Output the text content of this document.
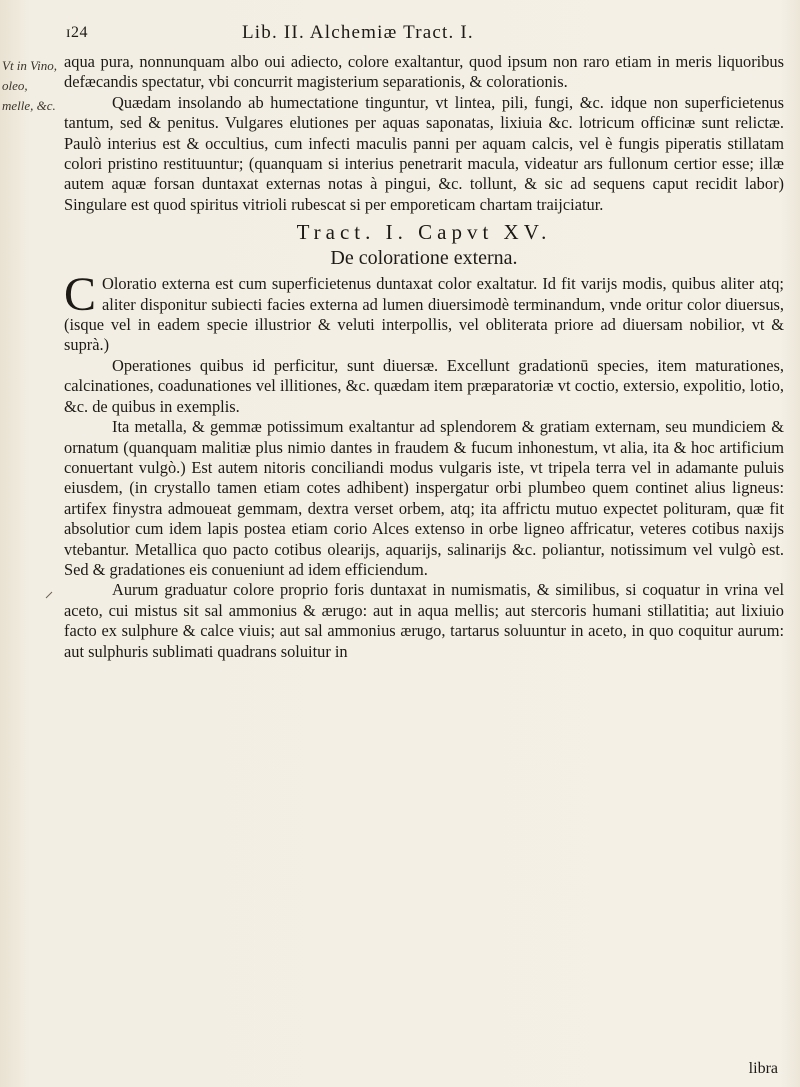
ɪ24	Lib. II. Alchemiæ Tract. I.
Vt in Vino, oleo, melle, &c.

aqua pura, nonnunquam albo oui adiecto, colore exaltantur, quod ipsum non raro etiam in meris liquoribus defæcandis spectatur, vbi concurrit magisterium separationis, & colorationis.

Quædam insolando ab humectatione tinguntur, vt lintea, pili, fungi, &c. idque non superficietenus tantum, sed & penitus. Vulgares elutiones per aquas saponatas, lixiuia &c. lotricum officinæ sunt relictæ. Paulò interius est & occultius, cum infecti maculis panni per aquam calcis, vel è fungis piperatis stillatam colori pristino restituuntur; (quanquam si interius penetrarit macula, videatur ars fullonum certior esse; illæ autem aquæ forsan duntaxat externas notas à pingui, &c. tollunt, & sic ad sequens caput recidit labor) Singulare est quod spiritus vitrioli rubescat si per emporeticam chartam traijciatur.

Tract. I. Capvt XV.
De coloratione externa.

C Oloratio externa est cum superficietenus duntaxat color exaltatur. Id fit varijs modis, quibus aliter atq; aliter disponitur subiecti facies externa ad lumen diuersimodè terminandum, vnde oritur color diuersus, (isque vel in eadem specie illustrior & veluti interpollis, vel obliterata priore ad diuersam nobilior, vt & suprà.)

Operationes quibus id perficitur, sunt diuersæ. Excellunt gradationū species, item maturationes, calcinationes, coadunationes vel illitiones, &c. quædam item præparatoriæ vt coctio, extersio, expolitio, lotio, &c. de quibus in exemplis.

Ita metalla, & gemmæ potissimum exaltantur ad splendorem & gratiam externam, seu mundiciem & ornatum (quanquam malitiæ plus nimio dantes in fraudem & fucum inhonestum, vt alia, ita & hoc artificium conuertant vulgò.) Est autem nitoris conciliandi modus vulgaris iste, vt tripela terra vel in adamante puluis eiusdem, (in crystallo tamen etiam cotes adhibent) inspergatur orbi plumbeo quem continet alius ligneus: artifex finystra admoueat gemmam, dextra verset orbem, atq; ita affrictu mutuo expectet polituram, quæ fit absolutior cum idem lapis postea etiam corio Alces extenso in orbe ligneo affricatur, veteres cotibus naxijs vtebantur. Metallica quo pacto cotibus olearijs, aquarijs, salinarijs &c. poliantur, notissimum vel vulgò est. Sed & gradationes eis conueniunt ad idem efficiendum.

Aurum graduatur colore proprio foris duntaxat in numismatis, & similibus, si coquatur in vrina vel aceto, cui mistus sit sal ammonius & ærugo: aut in aqua mellis; aut stercoris humani stillatitia; aut lixiuio facto ex sulphure & calce viuis; aut sal ammonius ærugo, tartarus soluuntur in aceto, in quo coquitur aurum: aut sulphuris sublimati quadrans soluitur in

libra
